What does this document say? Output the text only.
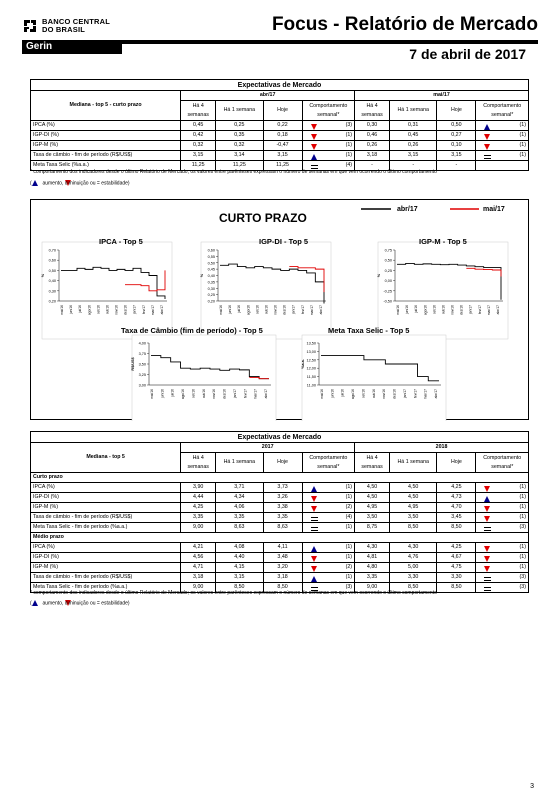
BANCO CENTRAL
DO BRASIL
Gerin
Focus - Relatório de Mercado
7 de abril de 2017
Expectativas de Mercado								
Mediana - top 5 - curto prazo	abr/17				mai/17			
	Há 4 semanas	Há 1 semana	Hoje	Comportamento semanal*	Há 4 semanas	Há 1 semana	Hoje	Comportamento semanal*
IPCA (%)	0,45	0,25	0,22	(3)	0,30	0,31	0,50	(1)
IGP-DI (%)	0,42	0,35	0,18	(1)	0,46	0,45	0,27	(1)
IGP-M (%)	0,32	0,32	-0,47	(1)	0,26	0,26	0,10	(1)
Taxa de câmbio - fim de período (R$/US$)	3,15	3,14	3,15	(1)	3,18	3,15	3,15	(1)
Meta Taxa Selic (%a.a.)	11,25	11,25	11,25	(4)	-	-	-	
* comportamento dos indicadores desde o último Relatório de Mercado; os valores entre parênteses expressam o número de semanas em que vem ocorrendo o último comportamento
( aumento, diminuição ou = estabilidade)
CURTO PRAZO
abr/17	mai/17
IPCA - Top 5
0,70
0,60
0,50
0,40
0,30
0,20
%
mai/16 jun/16 jul/16 ago/16 set/16 out/16 nov/16 dez/16 jan/17 fev/17 mar/17 abr/17
IGP-DI - Top 5
0,60
0,55
0,50
0,45
0,40
0,35
0,30
0,25
0,20
%
mai/16 jun/16 jul/16 ago/16 set/16 out/16 nov/16 dez/16 jan/17 fev/17 mar/17 abr/17
IGP-M - Top 5
0,75
0,50
0,25
0,00
-0,25
-0,50
%
mai/16 jun/16 jul/16 ago/16 set/16 out/16 nov/16 dez/16 jan/17 fev/17 mar/17 abr/17
Taxa de Câmbio (fim de período) - Top 5
4,00
3,75
3,50
3,25
3,00
R$/US$
mai/16 jun/16 jul/16 ago/16 set/16 out/16 nov/16 dez/16 jan/17 fev/17 mar/17 abr/17
Meta Taxa Selic - Top 5
13,50
13,00
12,50
12,00
11,50
11,00
%a.a.
mai/16 jun/16 jul/16 ago/16 set/16 out/16 nov/16 dez/16 jan/17 fev/17 mar/17 abr/17
Expectativas de Mercado								
Mediana - top 5	2017				2018			
	Há 4 semanas	Há 1 semana	Hoje	Comportamento semanal*	Há 4 semanas	Há 1 semana	Hoje	Comportamento semanal*
Curto prazo								
IPCA (%)	3,90	3,71	3,73	(1)	4,50	4,50	4,25	(1)
IGP-DI (%)	4,44	4,34	3,26	(1)	4,50	4,50	4,73	(1)
IGP-M (%)	4,25	4,06	3,38	(2)	4,95	4,95	4,70	(1)
Taxa de câmbio - fim de período (R$/US$)	3,35	3,35	3,35	(4)	3,50	3,50	3,45	(1)
Meta Taxa Selic - fim de período (%a.a.)	9,00	8,63	8,63	(1)	8,75	8,50	8,50	(3)
Médio prazo								
IPCA (%)	4,21	4,08	4,11	(1)	4,30	4,30	4,25	(1)
IGP-DI (%)	4,56	4,40	3,48	(1)	4,81	4,76	4,67	(1)
IGP-M (%)	4,71	4,15	3,20	(2)	4,80	5,00	4,75	(1)
Taxa de câmbio - fim de período (R$/US$)	3,18	3,15	3,18	(1)	3,35	3,30	3,30	(3)
Meta Taxa Selic - fim de período (%a.a.)	9,00	8,50	8,50	(3)	9,00	8,50	8,50	(3)
* comportamento dos indicadores desde o último Relatório de Mercado; os valores entre parênteses expressam o número de semanas em que vem ocorrendo o último comportamento
( aumento, diminuição ou = estabilidade)
3
